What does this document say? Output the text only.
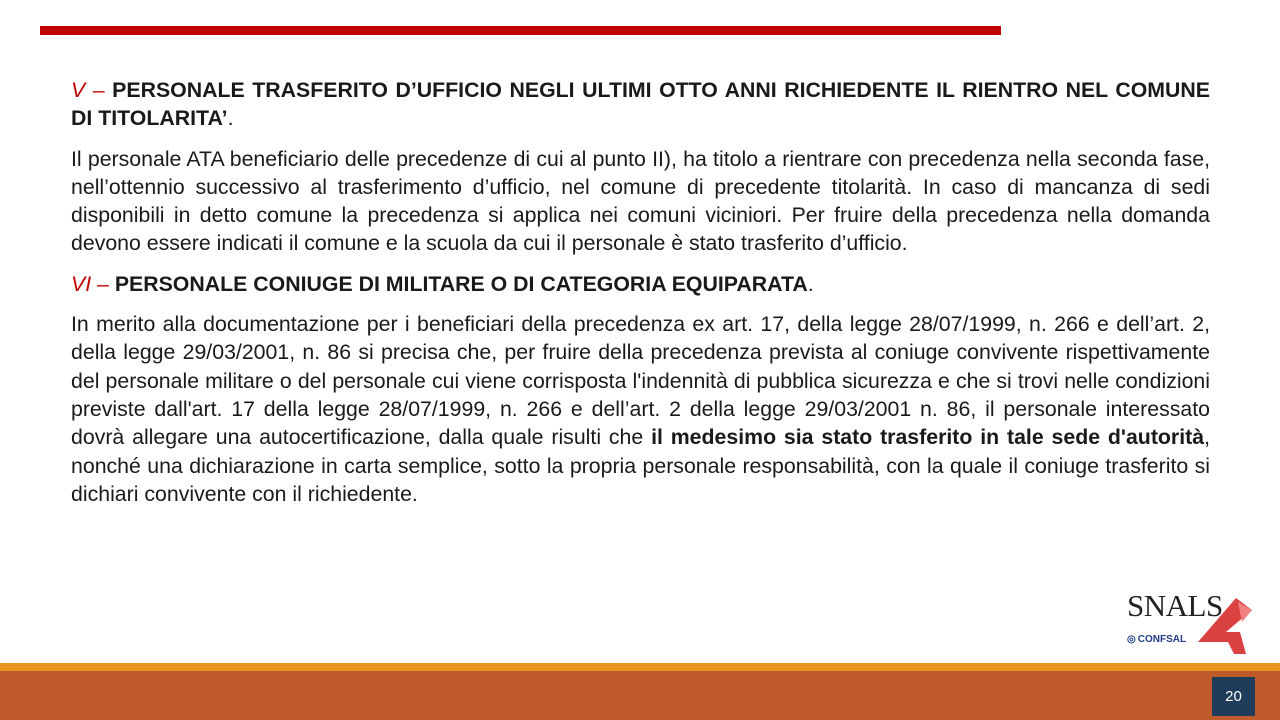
V – PERSONALE TRASFERITO D’UFFICIO NEGLI ULTIMI OTTO ANNI RICHIEDENTE IL RIENTRO NEL COMUNE DI TITOLARITA’.

Il personale ATA beneficiario delle precedenze di cui al punto II), ha titolo a rientrare con precedenza nella seconda fase, nell’ottennio successivo al trasferimento d’ufficio, nel comune di precedente titolarità. In caso di mancanza di sedi disponibili in detto comune la precedenza si applica nei comuni viciniori. Per fruire della precedenza nella domanda devono essere indicati il comune e la scuola da cui il personale è stato trasferito d’ufficio.

VI – PERSONALE CONIUGE DI MILITARE O DI CATEGORIA EQUIPARATA.

In merito alla documentazione per i beneficiari della precedenza ex art. 17, della legge 28/07/1999, n. 266 e dell’art. 2, della legge 29/03/2001, n. 86 si precisa che, per fruire della precedenza prevista al coniuge convivente rispettivamente del personale militare o del personale cui viene corrisposta l'indennità di pubblica sicurezza e che si trovi nelle condizioni previste dall'art. 17 della legge 28/07/1999, n. 266 e dell’art. 2 della legge 29/03/2001 n. 86, il personale interessato dovrà allegare una autocertificazione, dalla quale risulti che il medesimo sia stato trasferito in tale sede d'autorità, nonché una dichiarazione in carta semplice, sotto la propria personale responsabilità, con la quale il coniuge trasferito si dichiari convivente con il richiedente.

SNALS
◎ CONFSAL
20
